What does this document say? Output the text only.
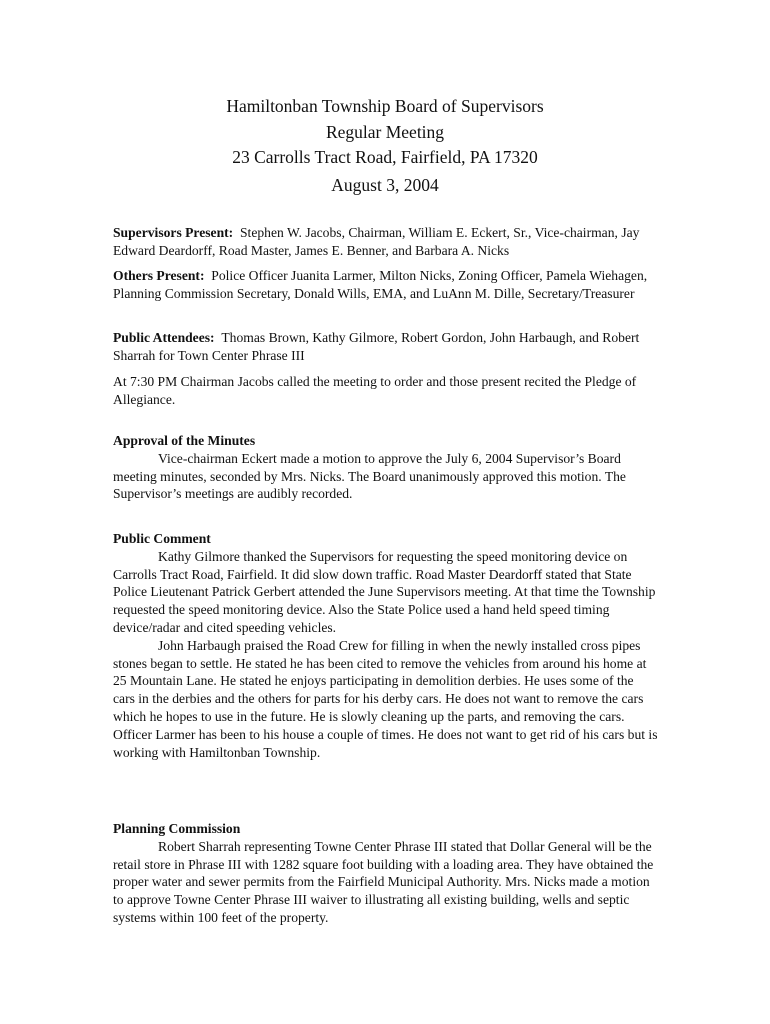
Hamiltonban Township Board of Supervisors
Regular Meeting
23 Carrolls Tract Road, Fairfield, PA 17320
August 3, 2004

Supervisors Present: Stephen W. Jacobs, Chairman, William E. Eckert, Sr., Vice-chairman, Jay Edward Deardorff, Road Master, James E. Benner, and Barbara A. Nicks

Others Present: Police Officer Juanita Larmer, Milton Nicks, Zoning Officer, Pamela Wiehagen, Planning Commission Secretary, Donald Wills, EMA, and LuAnn M. Dille, Secretary/Treasurer

Public Attendees: Thomas Brown, Kathy Gilmore, Robert Gordon, John Harbaugh, and Robert Sharrah for Town Center Phrase III

At 7:30 PM Chairman Jacobs called the meeting to order and those present recited the Pledge of Allegiance.

Approval of the Minutes

Vice-chairman Eckert made a motion to approve the July 6, 2004 Supervisor’s Board meeting minutes, seconded by Mrs. Nicks. The Board unanimously approved this motion. The Supervisor’s meetings are audibly recorded.

Public Comment

Kathy Gilmore thanked the Supervisors for requesting the speed monitoring device on Carrolls Tract Road, Fairfield. It did slow down traffic. Road Master Deardorff stated that State Police Lieutenant Patrick Gerbert attended the June Supervisors meeting. At that time the Township requested the speed monitoring device. Also the State Police used a hand held speed timing device/radar and cited speeding vehicles.

John Harbaugh praised the Road Crew for filling in when the newly installed cross pipes stones began to settle. He stated he has been cited to remove the vehicles from around his home at 25 Mountain Lane. He stated he enjoys participating in demolition derbies. He uses some of the cars in the derbies and the others for parts for his derby cars. He does not want to remove the cars which he hopes to use in the future. He is slowly cleaning up the parts, and removing the cars. Officer Larmer has been to his house a couple of times. He does not want to get rid of his cars but is working with Hamiltonban Township.

Planning Commission

Robert Sharrah representing Towne Center Phrase III stated that Dollar General will be the retail store in Phrase III with 1282 square foot building with a loading area. They have obtained the proper water and sewer permits from the Fairfield Municipal Authority. Mrs. Nicks made a motion to approve Towne Center Phrase III waiver to illustrating all existing building, wells and septic systems within 100 feet of the property.
